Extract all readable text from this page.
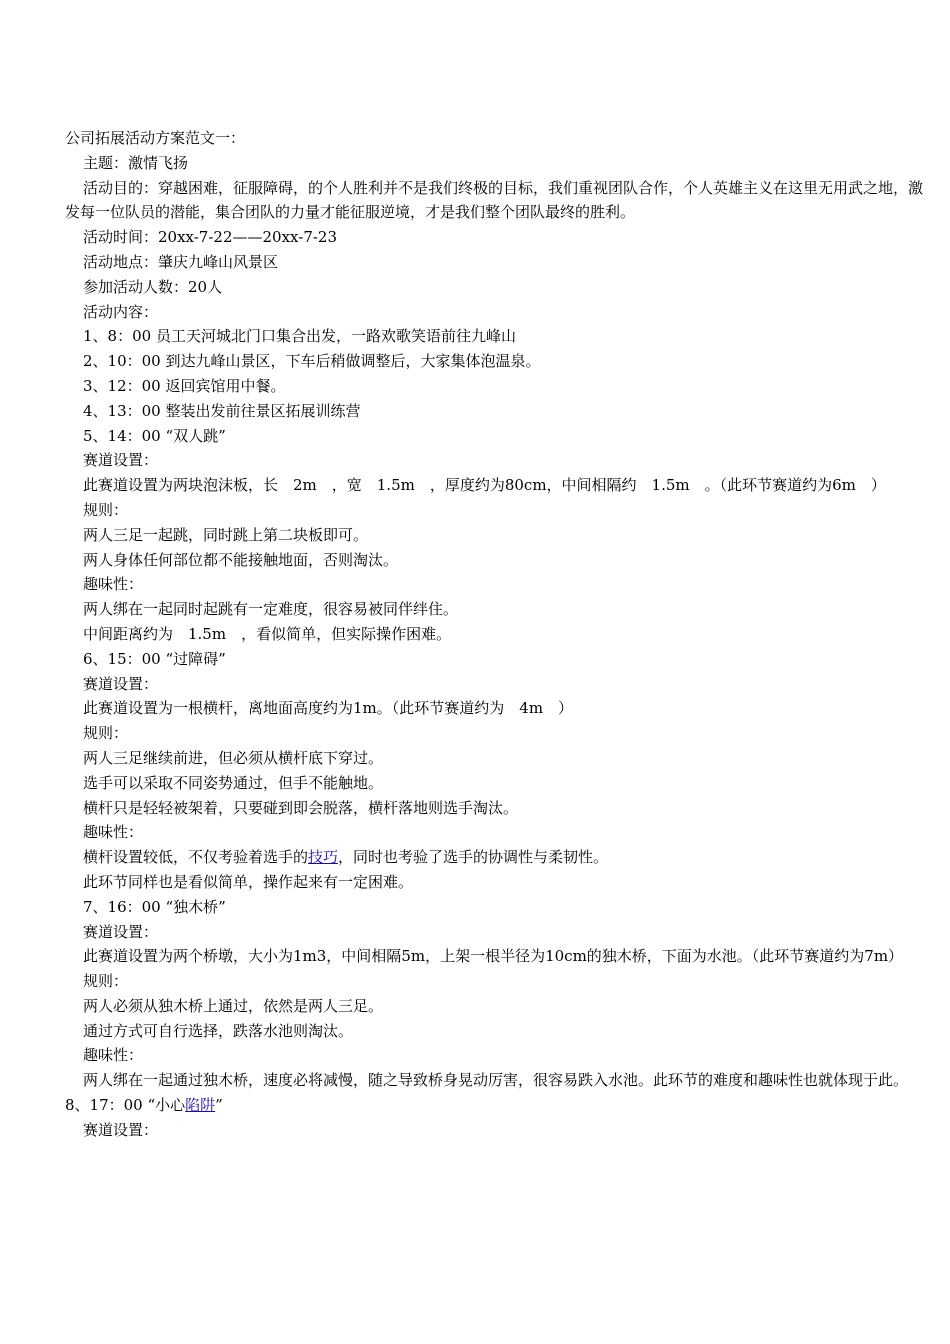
公司拓展活动方案范文一：
主题：激情飞扬
活动目的：穿越困难，征服障碍，的个人胜利并不是我们终极的目标，我们重视团队合作，个人英雄主义在这里无用武之地，激发每一位队员的潜能，集合团队的力量才能征服逆境，才是我们整个团队最终的胜利。
活动时间：20xx-7-22——20xx-7-23
活动地点：肇庆九峰山风景区
参加活动人数：20人
活动内容：
1、8：00 员工天河城北门口集合出发，一路欢歌笑语前往九峰山
2、10：00 到达九峰山景区，下车后稍做调整后，大家集体泡温泉。
3、12：00 返回宾馆用中餐。
4、13：00 整装出发前往景区拓展训练营
5、14：00 “双人跳”
赛道设置：
此赛道设置为两块泡沫板，长　2m　，宽　1.5m　，厚度约为80cm，中间相隔约　1.5m　。（此环节赛道约为6m　）
规则：
两人三足一起跳，同时跳上第二块板即可。
两人身体任何部位都不能接触地面，否则淘汰。
趣味性：
两人绑在一起同时起跳有一定难度，很容易被同伴绊住。
中间距离约为　1.5m　，看似简单，但实际操作困难。
6、15：00 “过障碍”
赛道设置：
此赛道设置为一根横杆，离地面高度约为1m。（此环节赛道约为　4m　）
规则：
两人三足继续前进，但必须从横杆底下穿过。
选手可以采取不同姿势通过，但手不能触地。
横杆只是轻轻被架着，只要碰到即会脱落，横杆落地则选手淘汰。
趣味性：
横杆设置较低，不仅考验着选手的技巧，同时也考验了选手的协调性与柔韧性。
此环节同样也是看似简单，操作起来有一定困难。
7、16：00 “独木桥”
赛道设置：
此赛道设置为两个桥墩，大小为1m3，中间相隔5m，上架一根半径为10cm的独木桥，下面为水池。（此环节赛道约为7m）
规则：
两人必须从独木桥上通过，依然是两人三足。
通过方式可自行选择，跌落水池则淘汰。
趣味性：
两人绑在一起通过独木桥，速度必将减慢，随之导致桥身晃动厉害，很容易跌入水池。此环节的难度和趣味性也就体现于此。
8、17：00 “小心陷阱”
赛道设置：
